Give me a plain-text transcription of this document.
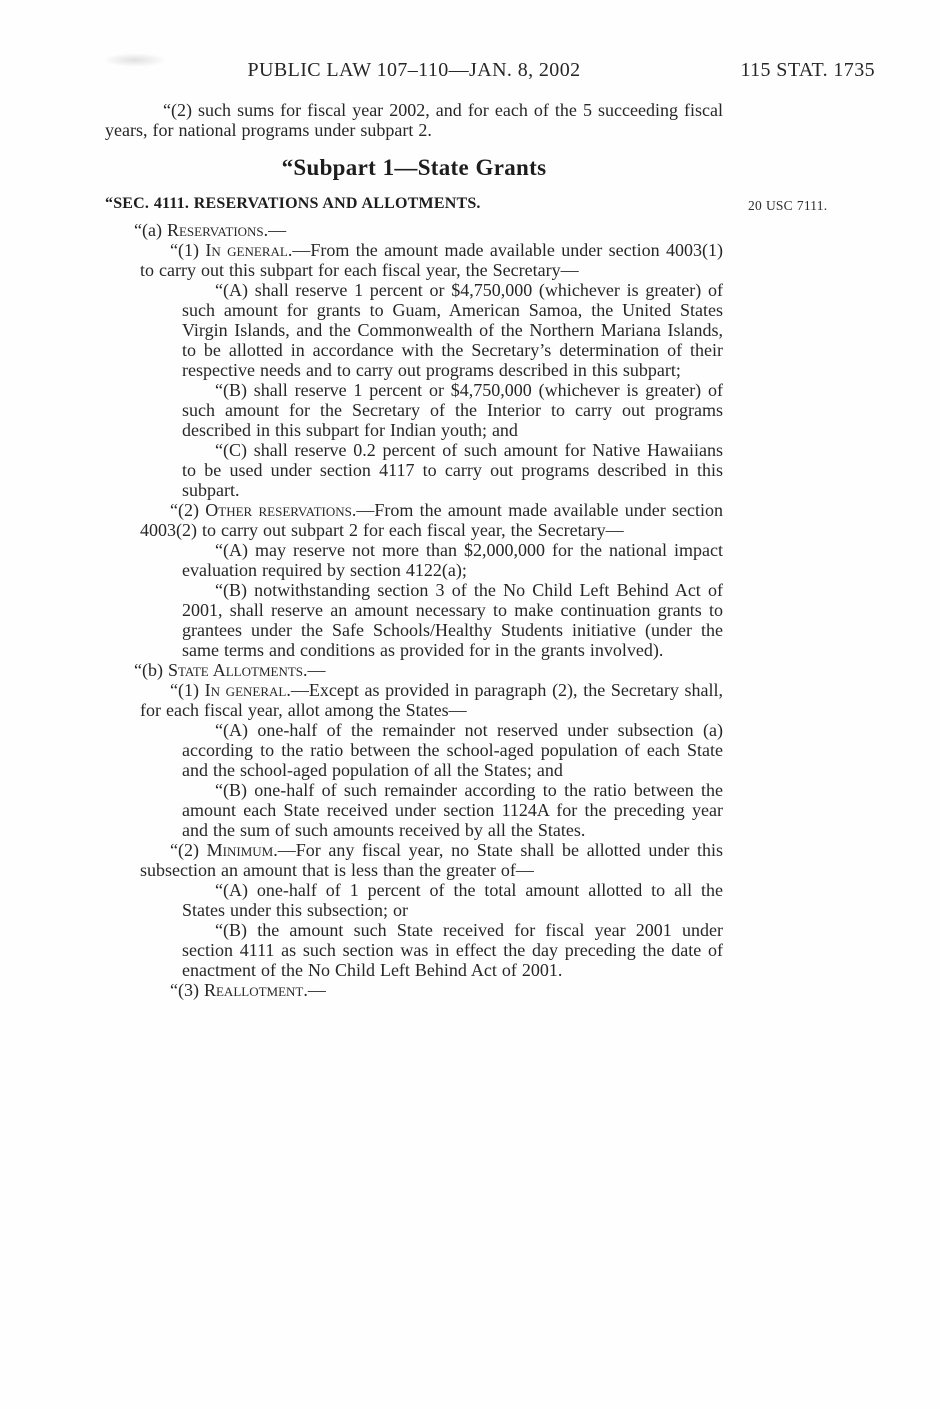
PUBLIC LAW 107–110—JAN. 8, 2002	115 STAT. 1735

“(2) such sums for fiscal year 2002, and for each of the 5 succeeding fiscal years, for national programs under subpart 2.

“Subpart 1—State Grants
“SEC. 4111. RESERVATIONS AND ALLOTMENTS.	20 USC 7111.

“(a) Reservations.—

“(1) In general.—From the amount made available under section 4003(1) to carry out this subpart for each fiscal year, the Secretary—

“(A) shall reserve 1 percent or $4,750,000 (whichever is greater) of such amount for grants to Guam, American Samoa, the United States Virgin Islands, and the Commonwealth of the Northern Mariana Islands, to be allotted in accordance with the Secretary’s determination of their respective needs and to carry out programs described in this subpart;

“(B) shall reserve 1 percent or $4,750,000 (whichever is greater) of such amount for the Secretary of the Interior to carry out programs described in this subpart for Indian youth; and

“(C) shall reserve 0.2 percent of such amount for Native Hawaiians to be used under section 4117 to carry out programs described in this subpart.

“(2) Other reservations.—From the amount made available under section 4003(2) to carry out subpart 2 for each fiscal year, the Secretary—

“(A) may reserve not more than $2,000,000 for the national impact evaluation required by section 4122(a);

“(B) notwithstanding section 3 of the No Child Left Behind Act of 2001, shall reserve an amount necessary to make continuation grants to grantees under the Safe Schools/Healthy Students initiative (under the same terms and conditions as provided for in the grants involved).

“(b) State Allotments.—

“(1) In general.—Except as provided in paragraph (2), the Secretary shall, for each fiscal year, allot among the States—

“(A) one-half of the remainder not reserved under subsection (a) according to the ratio between the school-aged population of each State and the school-aged population of all the States; and

“(B) one-half of such remainder according to the ratio between the amount each State received under section 1124A for the preceding year and the sum of such amounts received by all the States.

“(2) Minimum.—For any fiscal year, no State shall be allotted under this subsection an amount that is less than the greater of—

“(A) one-half of 1 percent of the total amount allotted to all the States under this subsection; or

“(B) the amount such State received for fiscal year 2001 under section 4111 as such section was in effect the day preceding the date of enactment of the No Child Left Behind Act of 2001.

“(3) Reallotment.—
